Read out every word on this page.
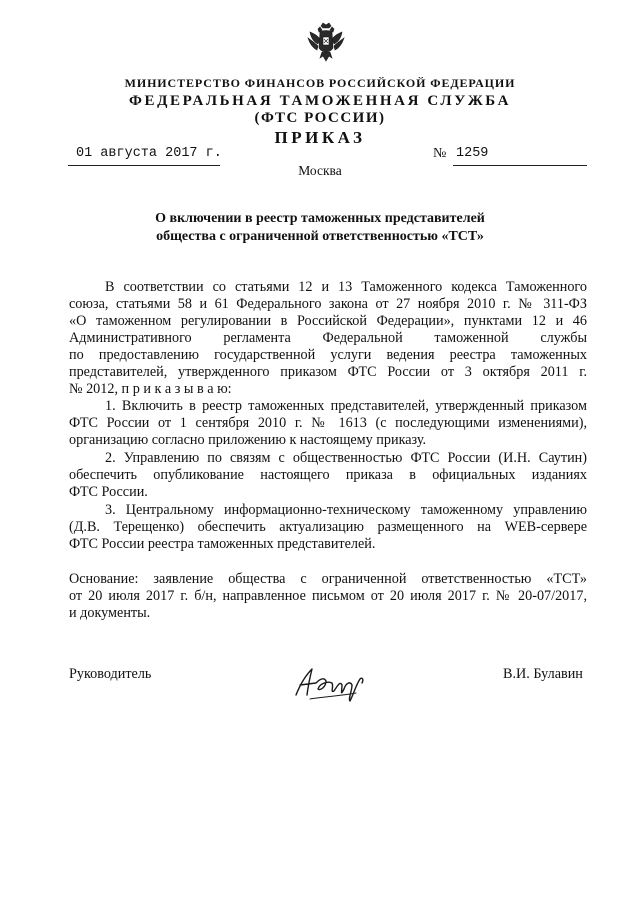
МИНИСТЕРСТВО ФИНАНСОВ РОССИЙСКОЙ ФЕДЕРАЦИИ
ФЕДЕРАЛЬНАЯ ТАМОЖЕННАЯ СЛУЖБА
(ФТС РОССИИ)
ПРИКАЗ
01 августа 2017 г.	№ 1259
Москва
О включении в реестр таможенных представителей
общества с ограниченной ответственностью «ТСТ»
В соответствии со статьями 12 и 13 Таможенного кодекса Таможенного
союза, статьями 58 и 61 Федерального закона от 27 ноября 2010 г. № 311-ФЗ
«О таможенном регулировании в Российской Федерации», пунктами 12 и 46
Административного регламента Федеральной таможенной службы
по предоставлению государственной услуги ведения реестра таможенных
представителей, утвержденного приказом ФТС России от 3 октября 2011 г.
№ 2012, п р и к а з ы в а ю:
1. Включить в реестр таможенных представителей, утвержденный приказом
ФТС России от 1 сентября 2010 г. № 1613 (с последующими изменениями),
организацию согласно приложению к настоящему приказу.
2. Управлению по связям с общественностью ФТС России (И.Н. Саутин)
обеспечить опубликование настоящего приказа в официальных изданиях
ФТС России.
3. Центральному информационно-техническому таможенному управлению
(Д.В. Терещенко) обеспечить актуализацию размещенного на WEB-сервере
ФТС России реестра таможенных представителей.
Основание: заявление общества с ограниченной ответственностью «ТСТ»
от 20 июля 2017 г. б/н, направленное письмом от 20 июля 2017 г. № 20-07/2017,
и документы.
Руководитель	В.И. Булавин
